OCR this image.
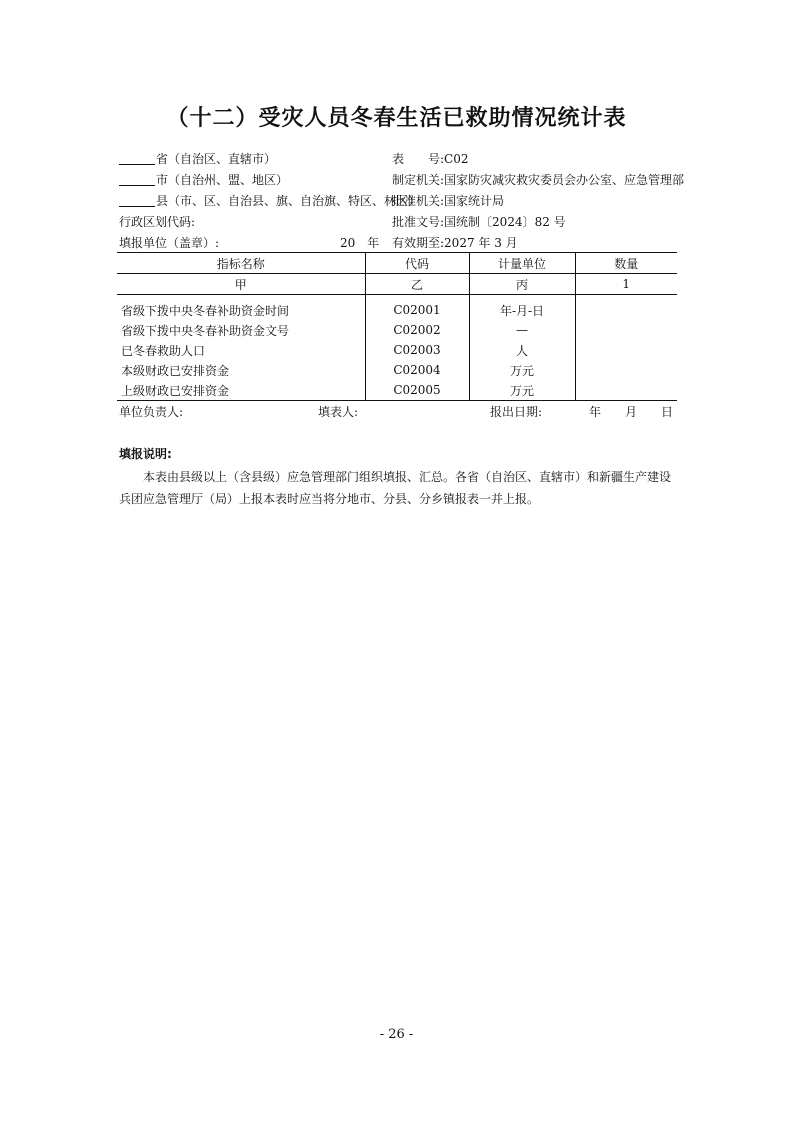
（十二）受灾人员冬春生活已救助情况统计表
省（自治区、直辖市）
市（自治州、盟、地区）
县（市、区、自治县、旗、自治旗、特区、林区）
行政区划代码:
填报单位（盖章）:	20　年
表　　号:C02
制定机关:国家防灾减灾救灾委员会办公室、应急管理部
批准机关:国家统计局
批准文号:国统制〔2024〕82 号
有效期至:2027 年 3 月
指标名称	代码	计量单位	数量
甲	乙	丙	1

省级下拨中央冬春补助资金时间	C02001	年-月-日	
省级下拨中央冬春补助资金文号	C02002	—	
已冬春救助人口	C02003	人	
本级财政已安排资金	C02004	万元	
上级财政已安排资金	C02005	万元	
单位负责人:	填表人:	报出日期:	年　　月　　日
填报说明:
本表由县级以上（含县级）应急管理部门组织填报、汇总。各省（自治区、直辖市）和新疆生产建设兵团应急管理厅（局）上报本表时应当将分地市、分县、分乡镇报表一并上报。
- 26 -
